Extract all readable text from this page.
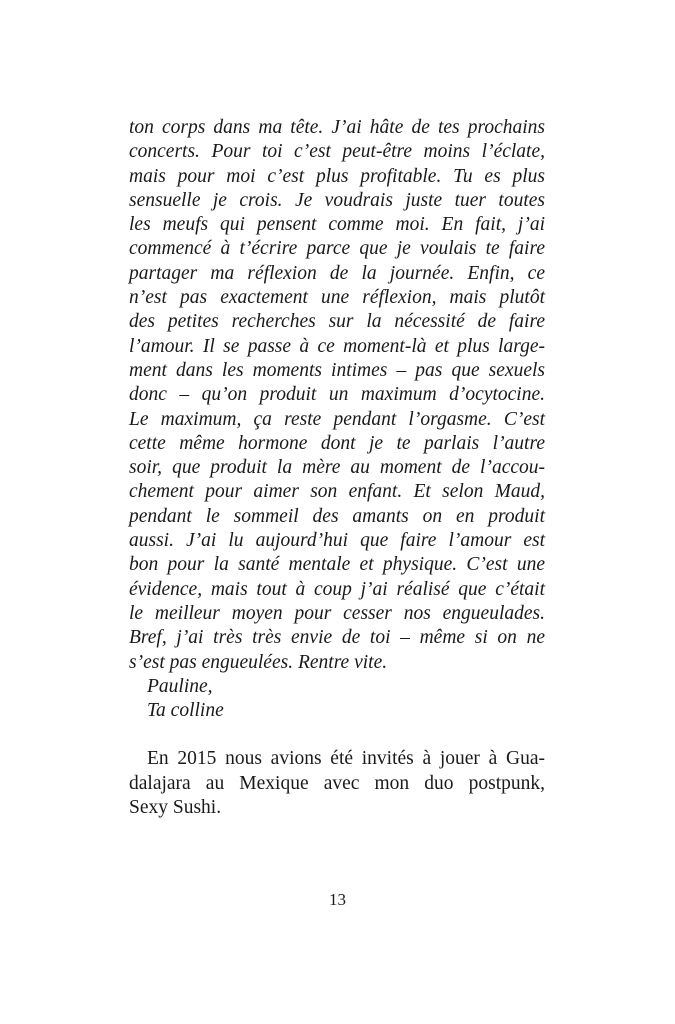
ton corps dans ma tête. J’ai hâte de tes prochains
concerts. Pour toi c’est peut-être moins l’éclate,
mais pour moi c’est plus profitable. Tu es plus
sensuelle je crois. Je voudrais juste tuer toutes
les meufs qui pensent comme moi. En fait, j’ai
commencé à t’écrire parce que je voulais te faire
partager ma réflexion de la journée. Enfin, ce
n’est pas exactement une réflexion, mais plutôt
des petites recherches sur la nécessité de faire
l’amour. Il se passe à ce moment-là et plus large-
ment dans les moments intimes – pas que sexuels
donc – qu’on produit un maximum d’ocytocine.
Le maximum, ça reste pendant l’orgasme. C’est
cette même hormone dont je te parlais l’autre
soir, que produit la mère au moment de l’accou-
chement pour aimer son enfant. Et selon Maud,
pendant le sommeil des amants on en produit
aussi. J’ai lu aujourd’hui que faire l’amour est
bon pour la santé mentale et physique. C’est une
évidence, mais tout à coup j’ai réalisé que c’était
le meilleur moyen pour cesser nos engueulades.
Bref, j’ai très très envie de toi – même si on ne
s’est pas engueulées. Rentre vite.
Pauline,
Ta colline
En 2015 nous avions été invités à jouer à Gua-
dalajara au Mexique avec mon duo postpunk,
Sexy Sushi.
13
